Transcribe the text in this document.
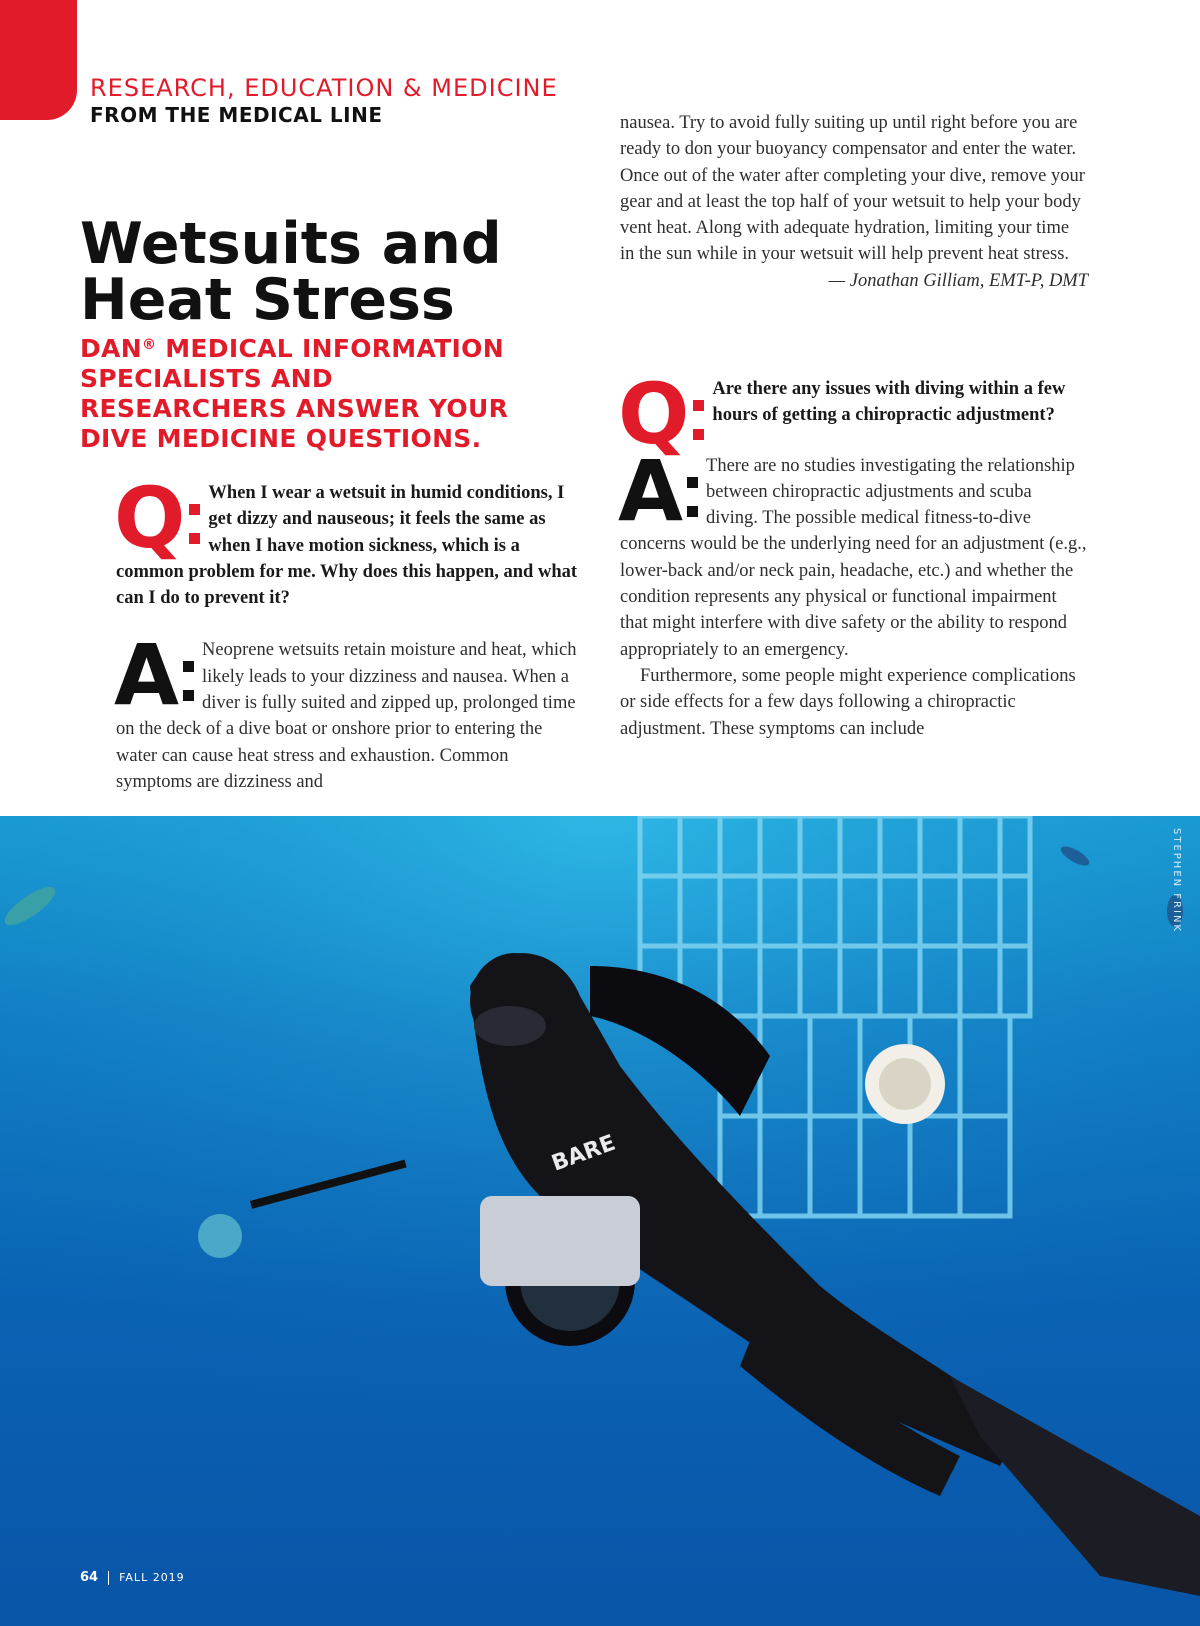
RESEARCH, EDUCATION & MEDICINE
FROM THE MEDICAL LINE
Wetsuits and Heat Stress
DAN® MEDICAL INFORMATION SPECIALISTS AND RESEARCHERS ANSWER YOUR DIVE MEDICINE QUESTIONS.
Q	When I wear a wetsuit in humid conditions, I get dizzy and nauseous; it feels the same as when I have motion sickness, which is a common problem for me. Why does this happen, and what can I do to prevent it?

A	Neoprene wetsuits retain moisture and heat, which likely leads to your dizziness and nausea. When a diver is fully suited and zipped up, prolonged time on the deck of a dive boat or onshore prior to entering the water can cause heat stress and exhaustion. Common symptoms are dizziness and

nausea. Try to avoid fully suiting up until right before you are ready to don your buoyancy compensator and enter the water. Once out of the water after completing your dive, remove your gear and at least the top half of your wetsuit to help your body vent heat. Along with adequate hydration, limiting your time in the sun while in your wetsuit will help prevent heat stress.

— Jonathan Gilliam, EMT-P, DMT

Q	Are there any issues with diving within a few hours of getting a chiropractic adjustment?

A	There are no studies investigating the relationship between chiropractic adjustments and scuba diving. The possible medical fitness-to-dive concerns would be the underlying need for an adjustment (e.g., lower-back and/or neck pain, headache, etc.) and whether the condition represents any physical or functional impairment that might interfere with dive safety or the ability to respond appropriately to an emergency.

Furthermore, some people might experience complications or side effects for a few days following a chiropractic adjustment. These symptoms can include

BARE
STEPHEN FRINK
64 FALL 2019
